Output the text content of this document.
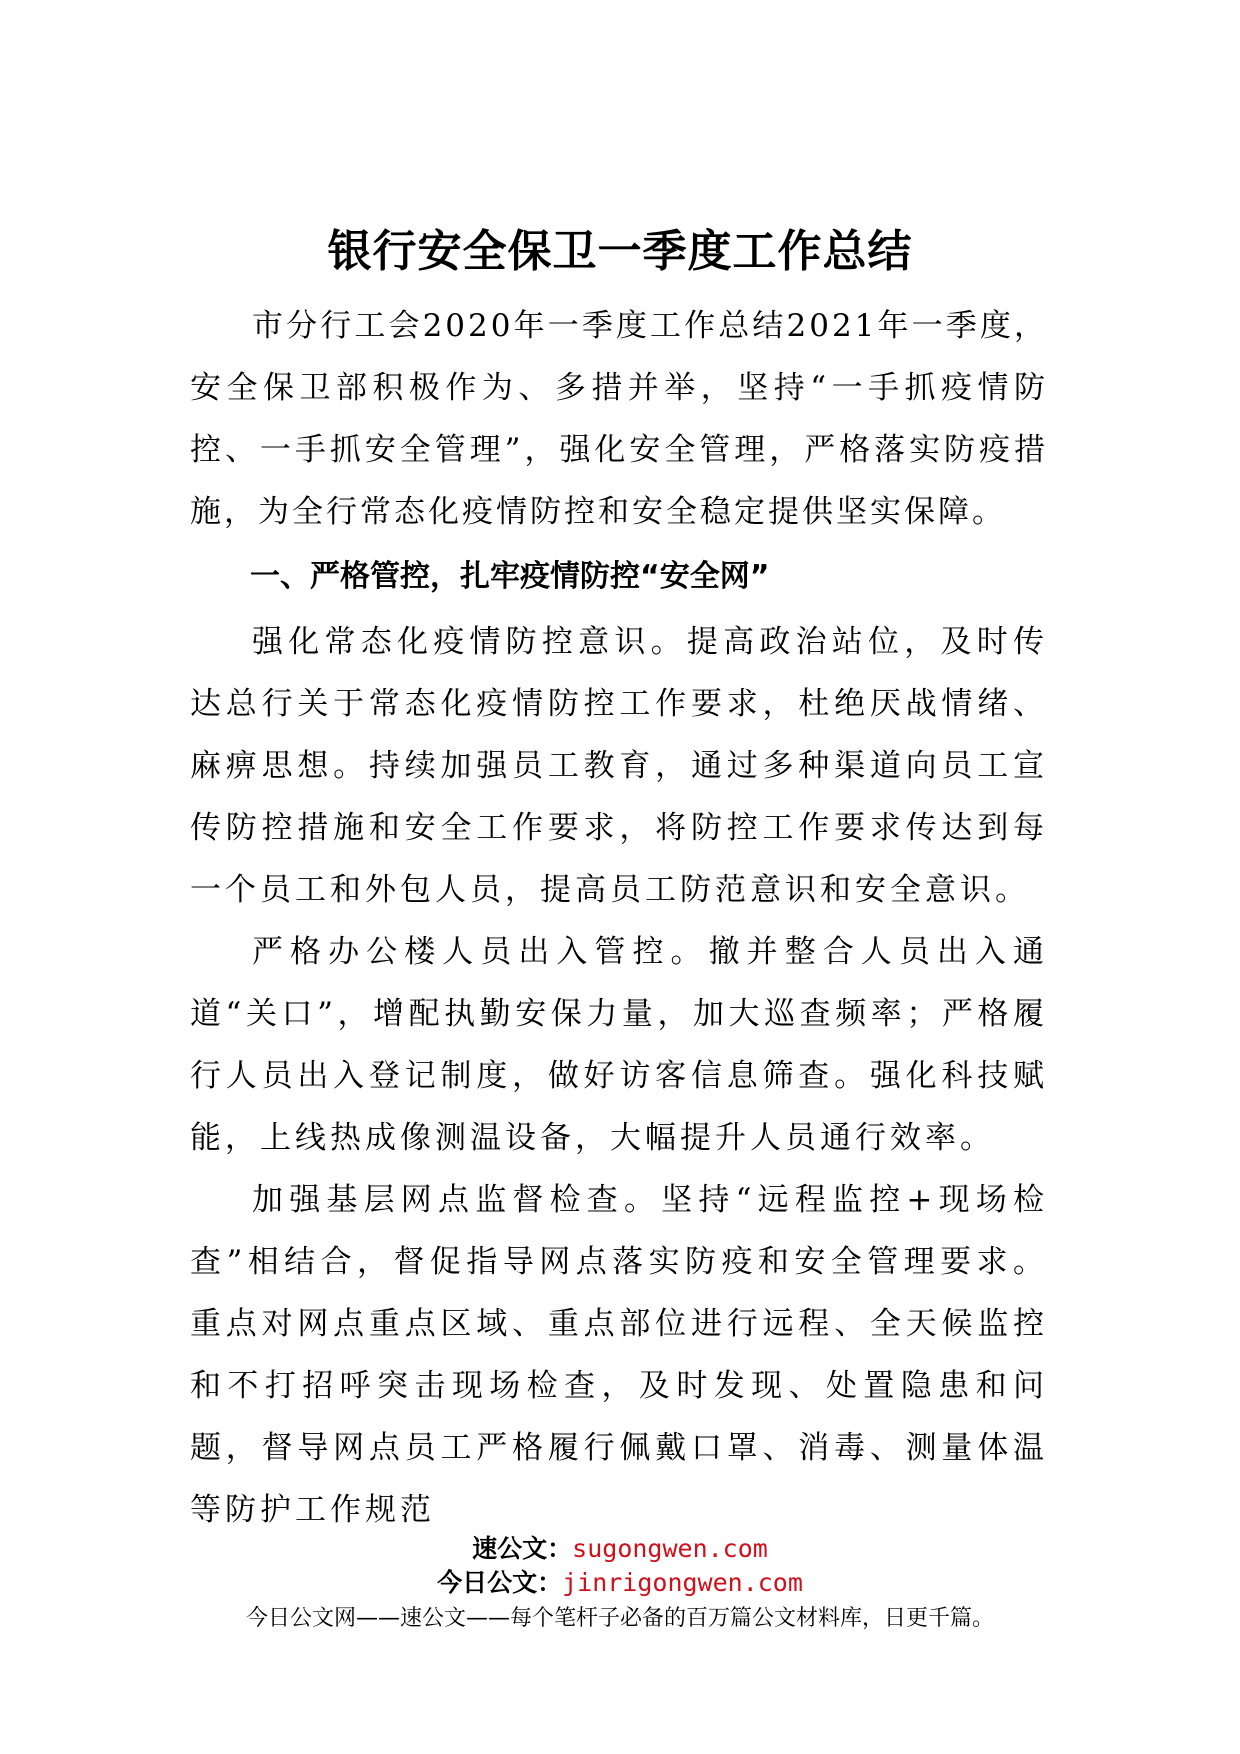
银行安全保卫一季度工作总结

市分行工会2020年一季度工作总结2021年一季度，安全保卫部积极作为、多措并举，坚持“一手抓疫情防控、一手抓安全管理”，强化安全管理，严格落实防疫措施，为全行常态化疫情防控和安全稳定提供坚实保障。

一、严格管控，扎牢疫情防控“安全网”

强化常态化疫情防控意识。提高政治站位，及时传达总行关于常态化疫情防控工作要求，杜绝厌战情绪、麻痹思想。持续加强员工教育，通过多种渠道向员工宣传防控措施和安全工作要求，将防控工作要求传达到每一个员工和外包人员，提高员工防范意识和安全意识。

严格办公楼人员出入管控。撤并整合人员出入通道“关口”，增配执勤安保力量，加大巡查频率；严格履行人员出入登记制度，做好访客信息筛查。强化科技赋能，上线热成像测温设备，大幅提升人员通行效率。

加强基层网点监督检查。坚持“远程监控+现场检查”相结合，督促指导网点落实防疫和安全管理要求。重点对网点重点区域、重点部位进行远程、全天候监控和不打招呼突击现场检查，及时发现、处置隐患和问题，督导网点员工严格履行佩戴口罩、消毒、测量体温等防护工作规范

速公文：sugongwen.com
今日公文：jinrigongwen.com
今日公文网——速公文——每个笔杆子必备的百万篇公文材料库，日更千篇。
